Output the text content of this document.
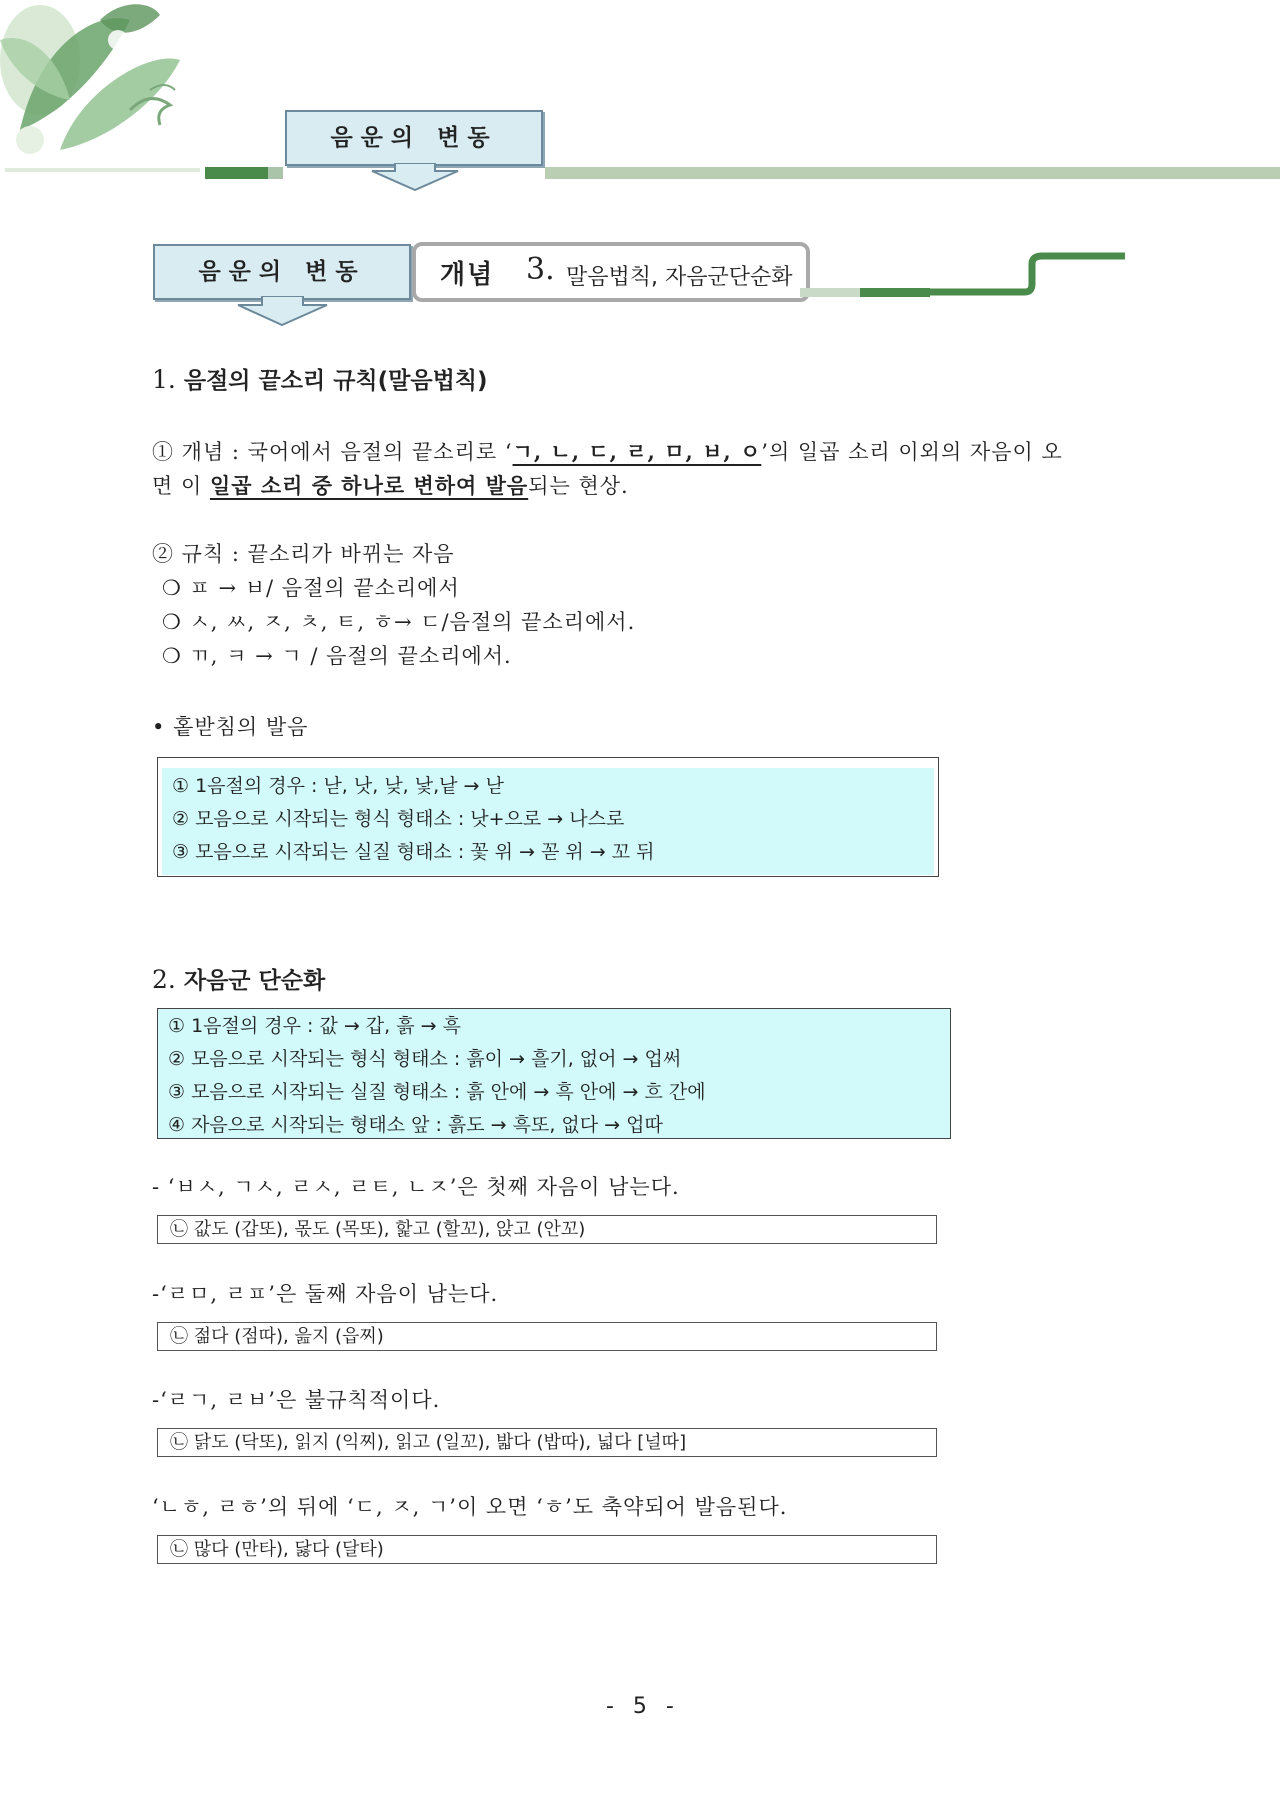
음운의 변동
음운의 변동	개념 3. 말음법칙, 자음군단순화
1. 음절의 끝소리 규칙(말음법칙)
① 개념 : 국어에서 음절의 끝소리로 ‘ㄱ, ㄴ, ㄷ, ㄹ, ㅁ, ㅂ, ㅇ’의 일곱 소리 이외의 자음이 오
면 이 일곱 소리 중 하나로 변하여 발음되는 현상.
② 규칙 : 끝소리가 바뀌는 자음
❍ ㅍ → ㅂ/ 음절의 끝소리에서
❍ ㅅ, ㅆ, ㅈ, ㅊ, ㅌ, ㅎ→ ㄷ/음절의 끝소리에서.
❍ ㄲ, ㅋ → ㄱ / 음절의 끝소리에서.
• 홑받침의 발음
① 1음절의 경우 : 낟, 낫, 낮, 낯,낱 → 낟
② 모음으로 시작되는 형식 형태소 : 낫+으로 → 나스로
③ 모음으로 시작되는 실질 형태소 : 꽃 위 → 꼳 위 → 꼬 뒤
2. 자음군 단순화
① 1음절의 경우 : 값 → 갑, 흙 → 흑
② 모음으로 시작되는 형식 형태소 : 흙이 → 흘기, 없어 → 업써
③ 모음으로 시작되는 실질 형태소 : 흙 안에 → 흑 안에 → 흐 간에
④ 자음으로 시작되는 형태소 앞 : 흙도 → 흑또, 없다 → 업따
- ‘ㅂㅅ, ㄱㅅ, ㄹㅅ, ㄹㅌ, ㄴㅈ’은 첫째 자음이 남는다.
㉡ 값도 (갑또), 몫도 (목또), 핥고 (할꼬), 앉고 (안꼬)
-‘ㄹㅁ, ㄹㅍ’은 둘째 자음이 남는다.
㉡ 젊다 (점따), 읊지 (읍찌)
-‘ㄹㄱ, ㄹㅂ’은 불규칙적이다.
㉡ 닭도 (닥또), 읽지 (익찌), 읽고 (일꼬), 밟다 (밥따), 넓다 [널따]
‘ㄴㅎ, ㄹㅎ’의 뒤에 ‘ㄷ, ㅈ, ㄱ’이 오면 ‘ㅎ’도 축약되어 발음된다.
㉡ 많다 (만타), 닳다 (달타)
- 5 -
